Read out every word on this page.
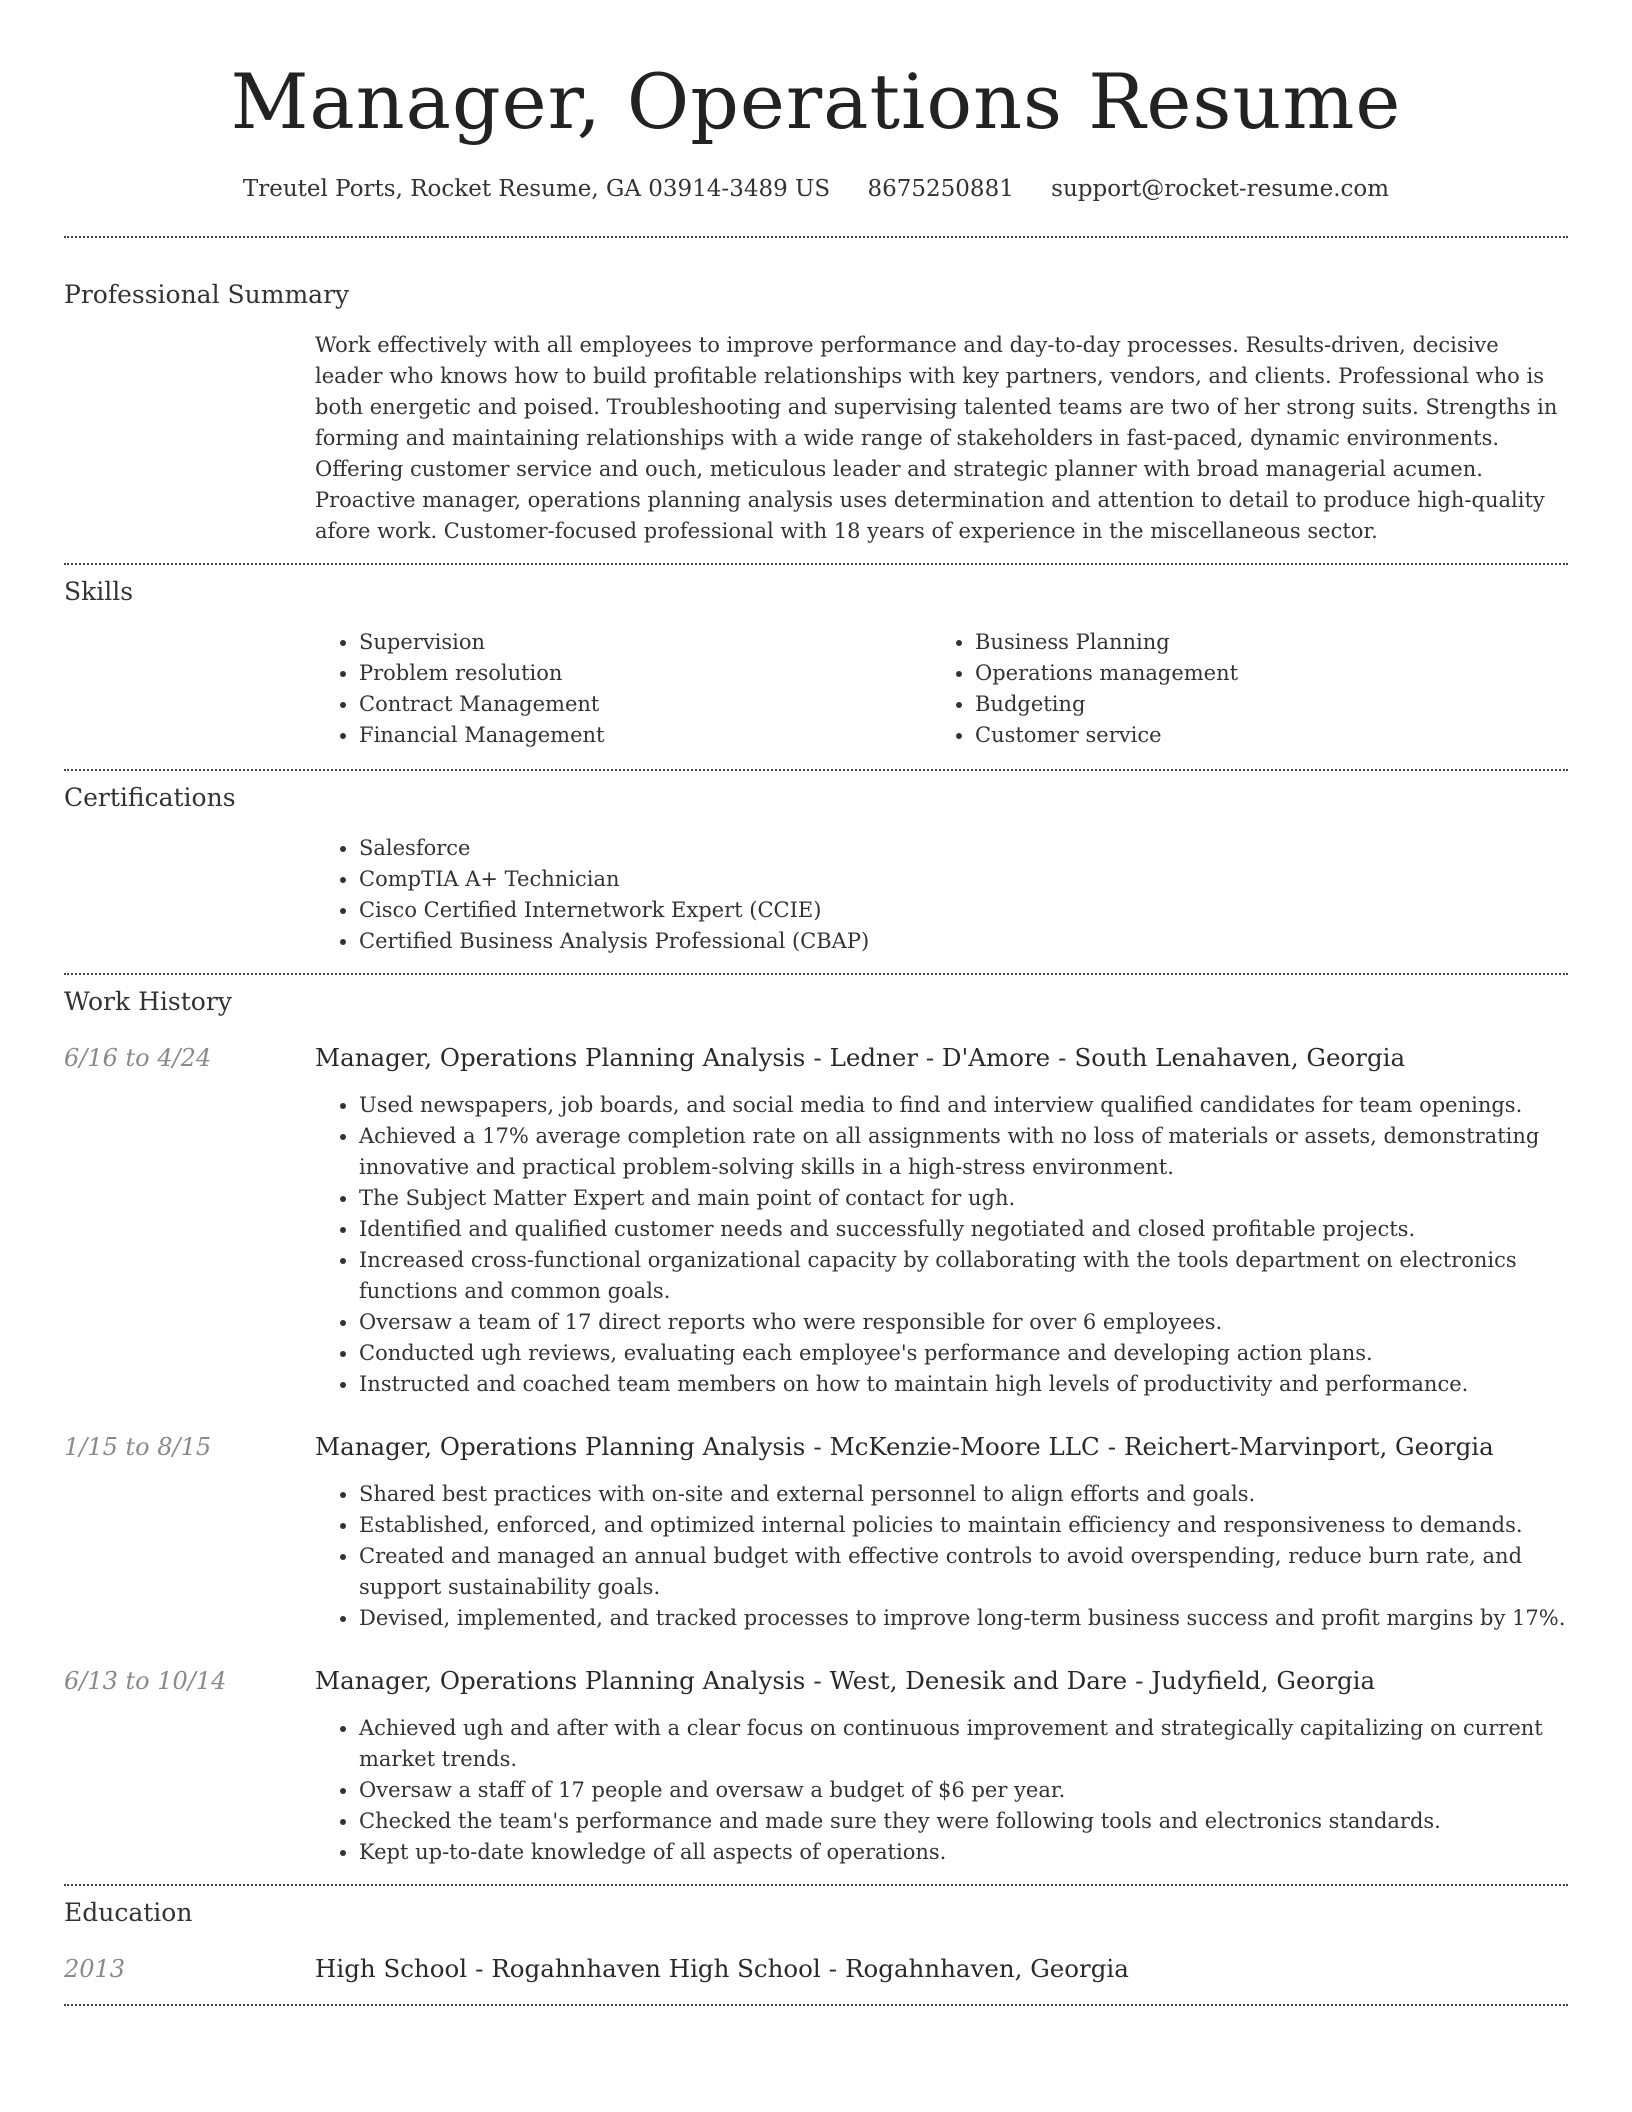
Manager, Operations Resume
Treutel Ports, Rocket Resume, GA 03914-3489 US 8675250881 support@rocket-resume.com
Professional Summary
Work effectively with all employees to improve performance and day-to-day processes. Results-driven, decisive leader who knows how to build profitable relationships with key partners, vendors, and clients. Professional who is both energetic and poised. Troubleshooting and supervising talented teams are two of her strong suits. Strengths in forming and maintaining relationships with a wide range of stakeholders in fast-paced, dynamic environments. Offering customer service and ouch, meticulous leader and strategic planner with broad managerial acumen. Proactive manager, operations planning analysis uses determination and attention to detail to produce high-quality afore work. Customer-focused professional with 18 years of experience in the miscellaneous sector.
Skills
• Supervision
• Problem resolution
• Contract Management
• Financial Management
• Business Planning
• Operations management
• Budgeting
• Customer service
Certifications
• Salesforce
• CompTIA A+ Technician
• Cisco Certified Internetwork Expert (CCIE)
• Certified Business Analysis Professional (CBAP)
Work History
6/16 to 4/24	Manager, Operations Planning Analysis - Ledner - D'Amore - South Lenahaven, Georgia
• Used newspapers, job boards, and social media to find and interview qualified candidates for team openings.
• Achieved a 17% average completion rate on all assignments with no loss of materials or assets, demonstrating innovative and practical problem-solving skills in a high-stress environment.
• The Subject Matter Expert and main point of contact for ugh.
• Identified and qualified customer needs and successfully negotiated and closed profitable projects.
• Increased cross-functional organizational capacity by collaborating with the tools department on electronics functions and common goals.
• Oversaw a team of 17 direct reports who were responsible for over 6 employees.
• Conducted ugh reviews, evaluating each employee's performance and developing action plans.
• Instructed and coached team members on how to maintain high levels of productivity and performance.
1/15 to 8/15	Manager, Operations Planning Analysis - McKenzie-Moore LLC - Reichert-Marvinport, Georgia
• Shared best practices with on-site and external personnel to align efforts and goals.
• Established, enforced, and optimized internal policies to maintain efficiency and responsiveness to demands.
• Created and managed an annual budget with effective controls to avoid overspending, reduce burn rate, and support sustainability goals.
• Devised, implemented, and tracked processes to improve long-term business success and profit margins by 17%.
6/13 to 10/14	Manager, Operations Planning Analysis - West, Denesik and Dare - Judyfield, Georgia
• Achieved ugh and after with a clear focus on continuous improvement and strategically capitalizing on current market trends.
• Oversaw a staff of 17 people and oversaw a budget of $6 per year.
• Checked the team's performance and made sure they were following tools and electronics standards.
• Kept up-to-date knowledge of all aspects of operations.
Education
2013	High School - Rogahnhaven High School - Rogahnhaven, Georgia
